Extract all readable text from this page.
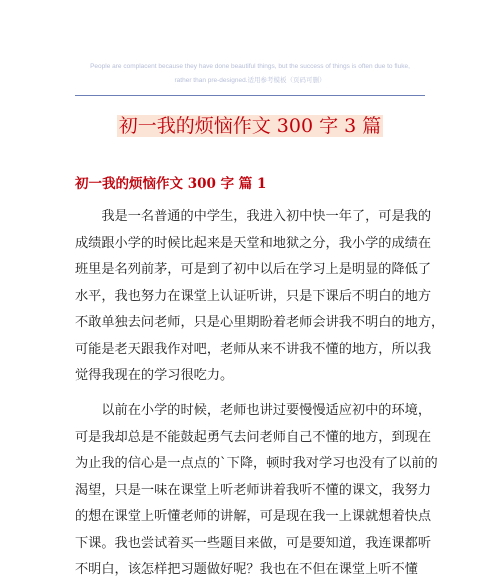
People are complacent because they have done beautiful things, but the success of things is often due to fluke,
rather than pre-designed.适用参考模板（页码可删）
初一我的烦恼作文 300 字 3 篇
初一我的烦恼作文 300 字 篇 1
　　我是一名普通的中学生，我进入初中快一年了，可是我的
成绩跟小学的时候比起来是天堂和地狱之分，我小学的成绩在
班里是名列前茅，可是到了初中以后在学习上是明显的降低了
水平，我也努力在课堂上认证听讲，只是下课后不明白的地方
不敢单独去问老师，只是心里期盼着老师会讲我不明白的地方，
可能是老天跟我作对吧，老师从来不讲我不懂的地方，所以我
觉得我现在的学习很吃力。
　　以前在小学的时候，老师也讲过要慢慢适应初中的环境，
可是我却总是不能鼓起勇气去问老师自己不懂的地方，到现在
为止我的信心是一点点的`下降，顿时我对学习也没有了以前的
渴望，只是一味在课堂上听老师讲着我听不懂的课文，我努力
的想在课堂上听懂老师的讲解，可是现在我一上课就想着快点
下课。我也尝试着买一些题目来做，可是要知道，我连课都听
不明白，该怎样把习题做好呢？我也在不但在课堂上听不懂
